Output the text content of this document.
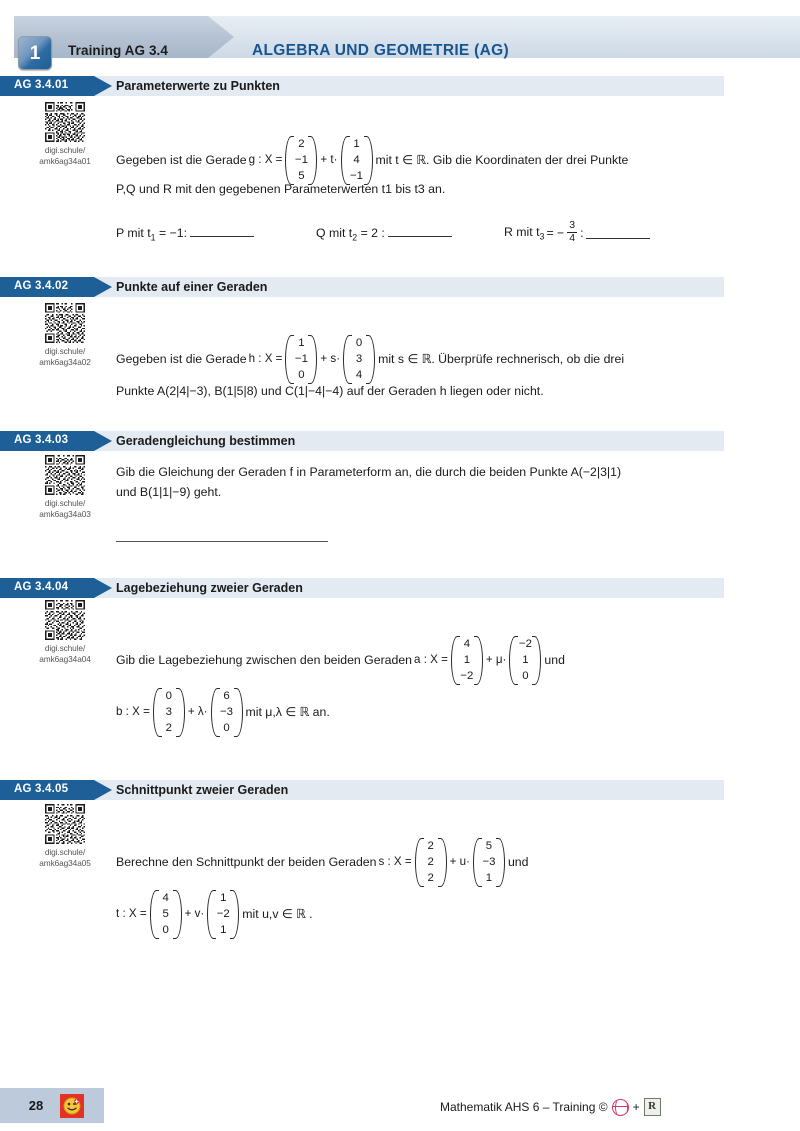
1	Training AG 3.4	ALGEBRA UND GEOMETRIE (AG)
AG 3.4.01	Parameterwerte zu Punkten
digi.schule/
amk6ag34a01	Gegeben ist die Gerade g : X =
2
−1
5
+ t·
1
4
−1
mit t ∈ ℝ. Gib die Koordinaten der drei Punkte
P,Q und R mit den gegebenen Parameterwerten t1 bis t3 an.
P mit $t_1 = -1$:	Q mit $t_2 = 2$ :	R mit $t_3$ = − $\frac{3}{4}$ :
AG 3.4.02	Punkte auf einer Geraden
digi.schule/
amk6ag34a02	Gegeben ist die Gerade h : X =
1
−1
0
+ s·
0
3
4
mit s ∈ ℝ. Überprüfe rechnerisch, ob die drei
Punkte A(2|4|−3), B(1|5|8) und C(1|−4|−4) auf der Geraden h liegen oder nicht.
AG 3.4.03	Geradengleichung bestimmen
digi.schule/
amk6ag34a03
Gib die Gleichung der Geraden f in Parameterform an, die durch die beiden Punkte A(−2|3|1)
und B(1|1|−9) geht.
AG 3.4.04	Lagebeziehung zweier Geraden
digi.schule/
amk6ag34a04	Gib die Lagebeziehung zwischen den beiden Geraden a : X =
4
1
−2
+ μ·
−2
1
0
und
b : X =
0
3
2
+ λ·
6
−3
0
mit μ,λ ∈ ℝ an.
AG 3.4.05	Schnittpunkt zweier Geraden
digi.schule/
amk6ag34a05	Berechne den Schnittpunkt der beiden Geraden s : X =
2
2
2
+ u·
5
−3
1
und
t : X =
4
5
0
+ v·
1
−2
1
mit u,v ∈ ℝ .
28	Mathematik AHS 6 – Training © + R
